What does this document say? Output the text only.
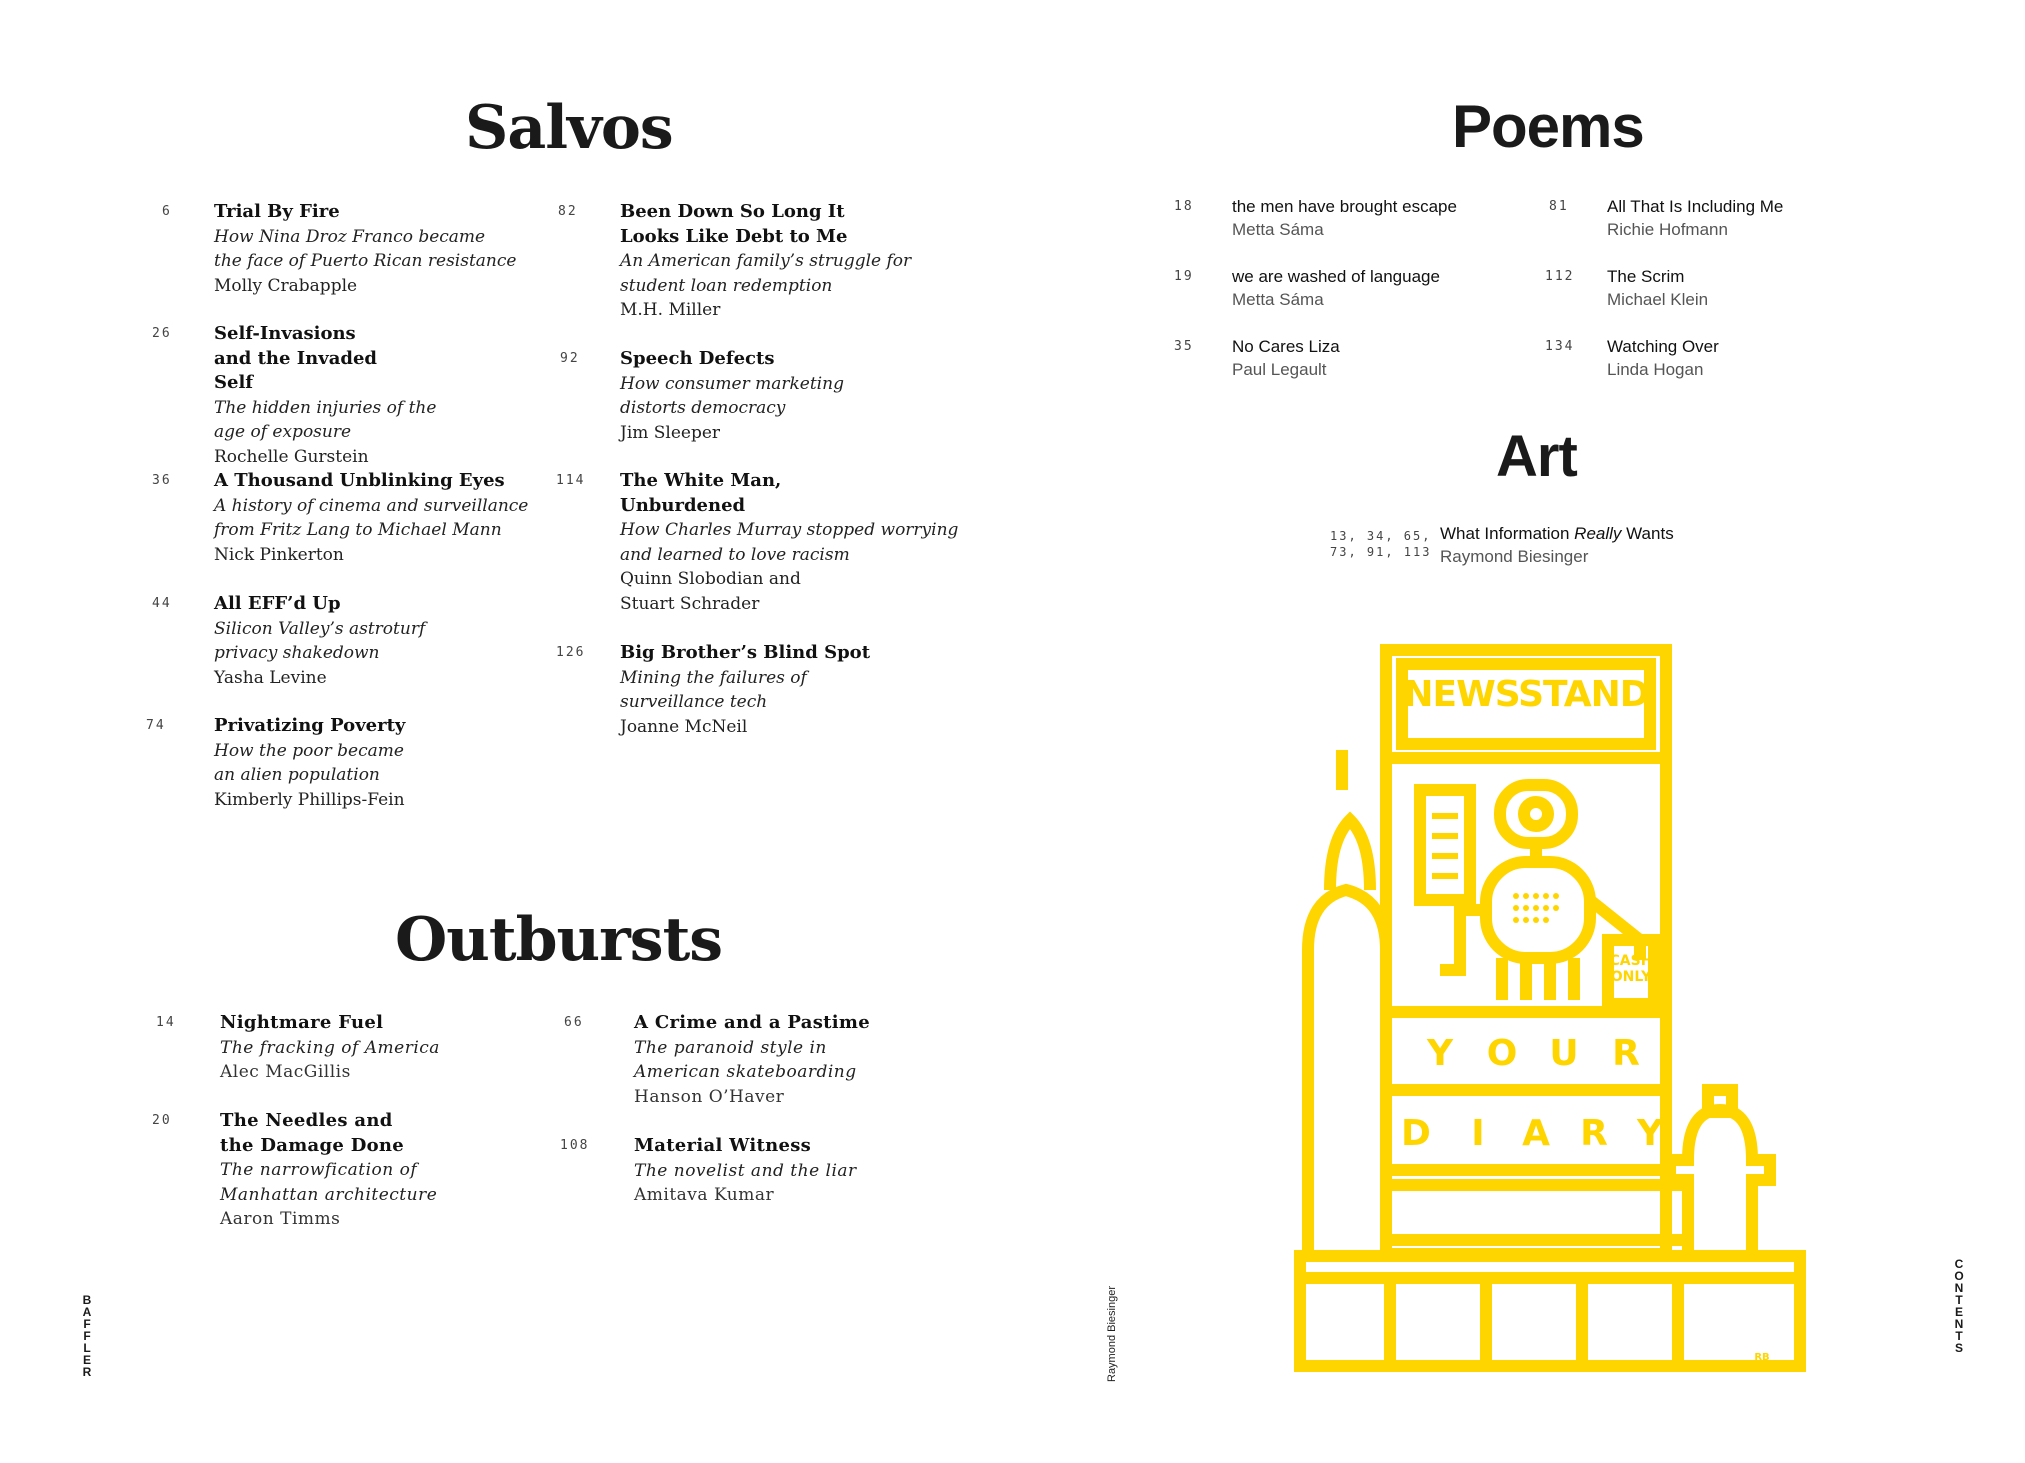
Salvos
6 Trial By Fire
How Nina Droz Franco became
the face of Puerto Rican resistance
Molly Crabapple
26 Self-Invasions and the Invaded Self
The hidden injuries of the
age of exposure
Rochelle Gurstein
36 A Thousand Unblinking Eyes
A history of cinema and surveillance
from Fritz Lang to Michael Mann
Nick Pinkerton
44 All EFF’d Up
Silicon Valley’s astroturf
privacy shakedown
Yasha Levine
74	Privatizing Poverty
How the poor became
an alien population
Kimberly Phillips-Fein
82 Been Down So Long It Looks Like Debt to Me
An American family’s struggle for
student loan redemption
M.H. Miller
92 Speech Defects
How consumer marketing
distorts democracy
Jim Sleeper
114 The White Man, Unburdened
How Charles Murray stopped worrying
and learned to love racism
Quinn Slobodian and
Stuart Schrader
126 Big Brother’s Blind Spot
Mining the failures of
surveillance tech
Joanne McNeil
Outbursts
14 Nightmare Fuel
The fracking of America
Alec MacGillis
20	The Needles and the Damage Done
The narrowfication of
Manhattan architecture
Aaron Timms
66	A Crime and a Pastime
The paranoid style in
American skateboarding
Hanson O’Haver
108 Material Witness
The novelist and the liar
Amitava Kumar
Poems
18 the men have brought escape
Metta Sáma
19 we are washed of language
Metta Sáma
35 No Cares Liza
Paul Legault
81 All That Is Including Me
Richie Hofmann
112 The Scrim
Michael Klein
134 Watching Over
Linda Hogan
Art
13, 34, 65,
73, 91, 113
What Information Really Wants
Raymond Biesinger
NEWSSTAND
CASH
ONLY
Y O U R
D I A R Y
RB
B
A
F
F
L
E
R
C
O
N
T
E
N
T
S
Raymond Biesinger
